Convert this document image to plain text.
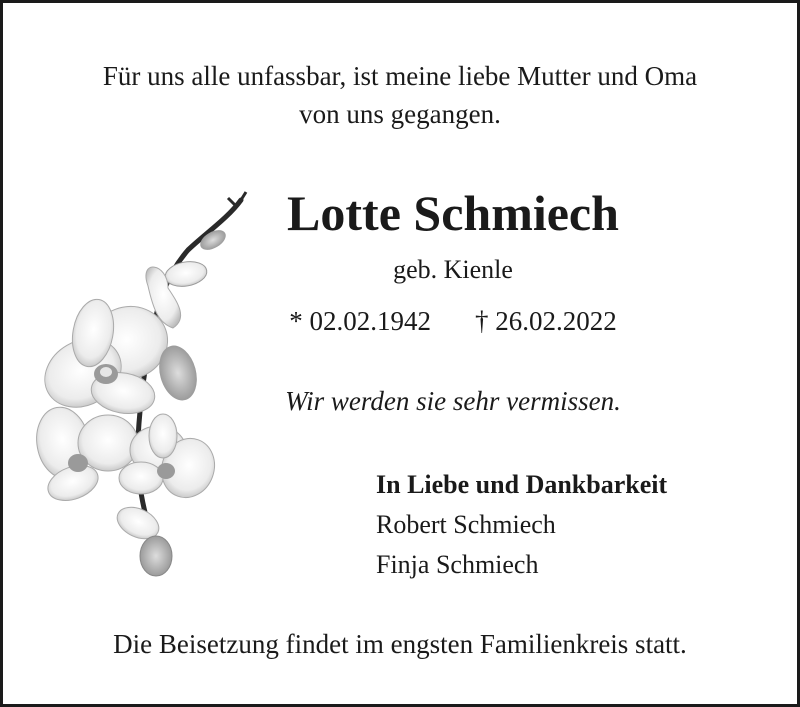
Für uns alle unfassbar, ist meine liebe Mutter und Oma
von uns gegangen.
Lotte Schmiech
geb. Kienle
* 02.02.1942 † 26.02.2022
Wir werden sie sehr vermissen.
In Liebe und Dankbarkeit
Robert Schmiech
Finja Schmiech
Die Beisetzung findet im engsten Familienkreis statt.
